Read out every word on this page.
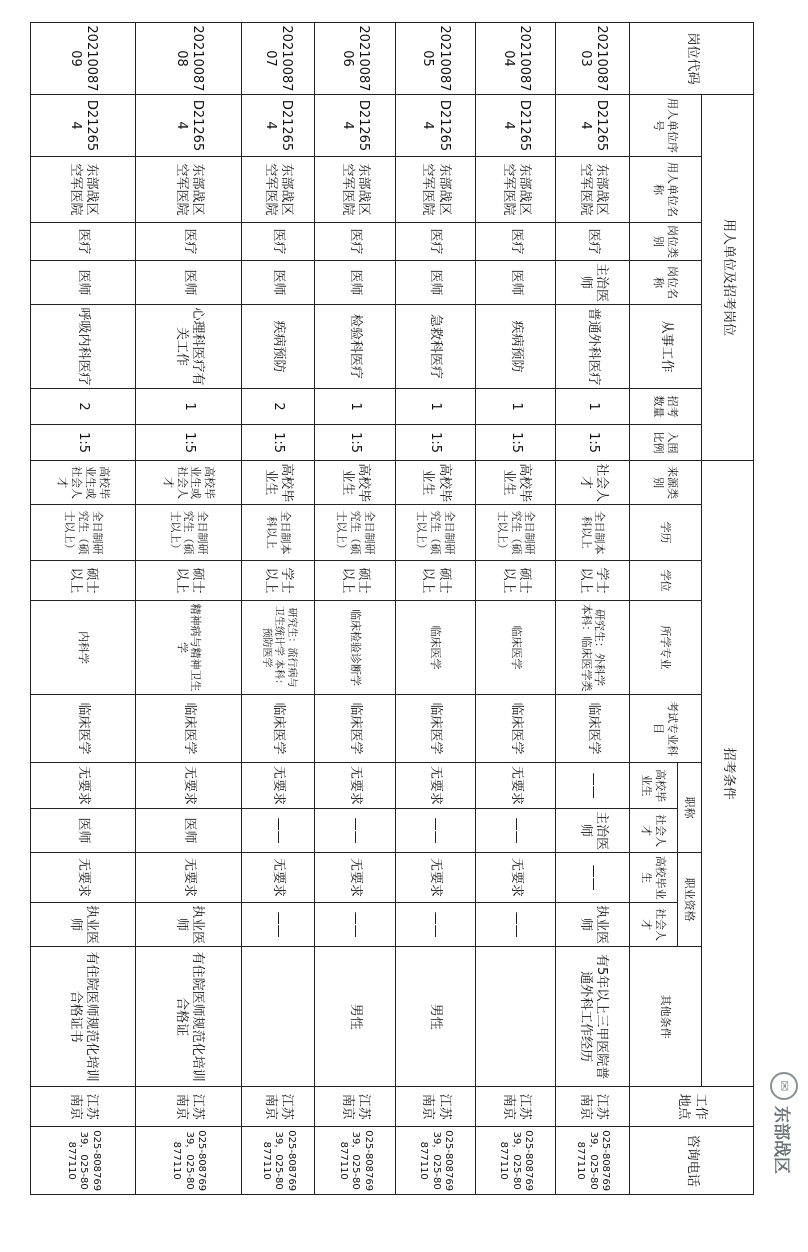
✉
东部战区
岗位代码	用人单位及招考岗位							招考条件										工作地点	咨询电话
	用人单位序号	用人单位名称	岗位类别	岗位名称	从事工作	招考数量	入围比例	来源类别	学历	学位	所学专业	考试专业科目	职称		职业资格		其他条件		
													高校毕业生	社会人才	高校毕业生	社会人才			
2021008703	D212654	东部战区空军医院	医疗	主治医师	普通外科医疗	1	1:5	社会人才	全日制本科以上	学士以上	研究生：外科学 本科：临床医学类	临床医学	——	主治医师	——	执业医师	有5年以上三甲医院普通外科工作经历	江苏南京	025-80876939，025-80877110
2021008704	D212654	东部战区空军医院	医疗	医师	疾病预防	1	1:5	高校毕业生	全日制研究生（硕士以上）	硕士以上	临床医学	临床医学	无要求	——	无要求	——		江苏南京	025-80876939，025-80877110
2021008705	D212654	东部战区空军医院	医疗	医师	急救科医疗	1	1:5	高校毕业生	全日制研究生（硕士以上）	硕士以上	临床医学	临床医学	无要求	——	无要求	——	男性	江苏南京	025-80876939，025-80877110
2021008706	D212654	东部战区空军医院	医疗	医师	检验科医疗	1	1:5	高校毕业生	全日制研究生（硕士以上）	硕士以上	临床检验诊断学	临床医学	无要求	——	无要求	——	男性	江苏南京	025-80876939，025-80877110
2021008707	D212654	东部战区空军医院	医疗	医师	疾病预防	2	1:5	高校毕业生	全日制本科以上	学士以上	研究生：流行病与卫生统计学 本科：预防医学	临床医学	无要求	——	无要求	——		江苏南京	025-80876939，025-80877110
2021008708	D212654	东部战区空军医院	医疗	医师	心理科医疗有关工作	1	1:5	高校毕业生或社会人才	全日制研究生（硕士以上）	硕士以上	精神病与精神卫生学	临床医学	无要求	医师	无要求	执业医师	有住院医师规范化培训合格证	江苏南京	025-80876939，025-80877110
2021008709	D212654	东部战区空军医院	医疗	医师	呼吸内科医疗	2	1:5	高校毕业生或社会人才	全日制研究生（硕士以上）	硕士以上	内科学	临床医学	无要求	医师	无要求	执业医师	有住院医师规范化培训合格证书	江苏南京	025-80876939，025-80877110
